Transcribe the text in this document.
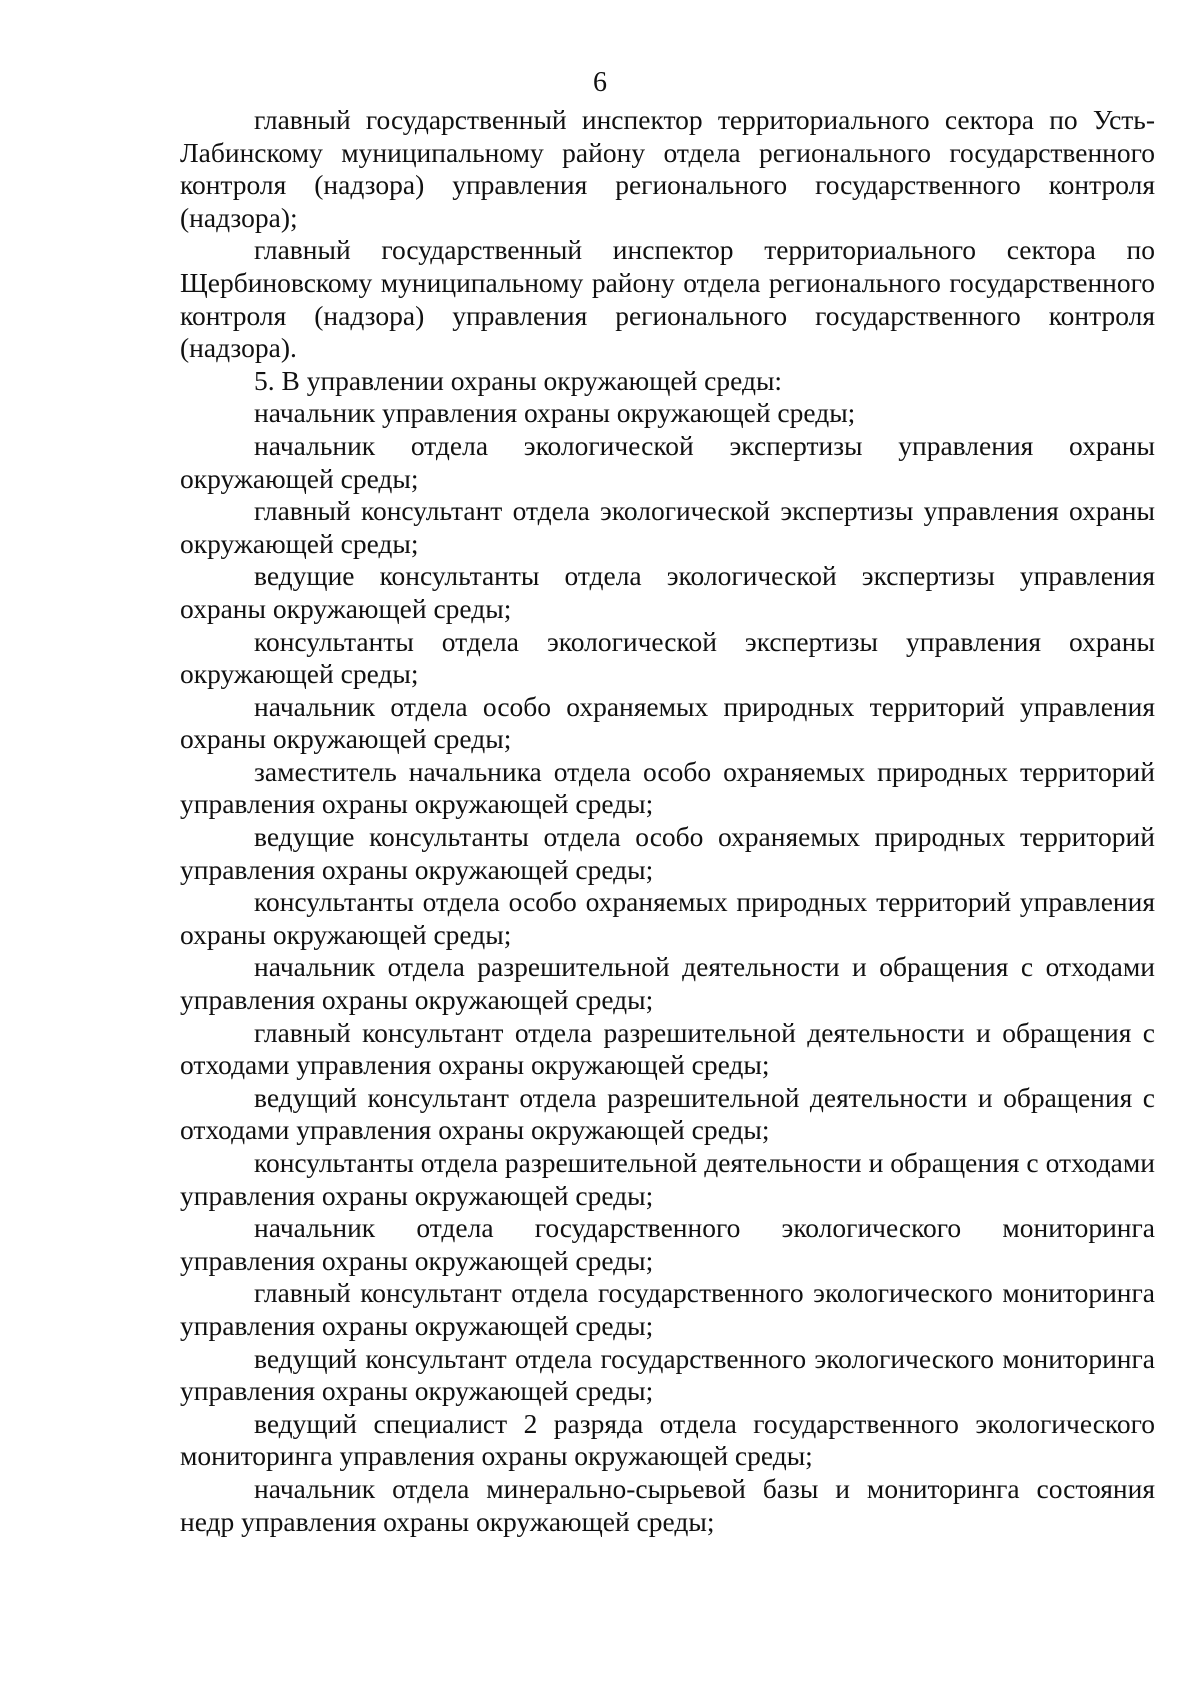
6

главный государственный инспектор территориального сектора по Усть-Лабинскому муниципальному району отдела регионального государственного контроля (надзора) управления регионального государственного контроля (надзора);

главный государственный инспектор территориального сектора по Щербиновскому муниципальному району отдела регионального государственного контроля (надзора) управления регионального государственного контроля (надзора).

5. В управлении охраны окружающей среды:

начальник управления охраны окружающей среды;

начальник отдела экологической экспертизы управления охраны окружающей среды;

главный консультант отдела экологической экспертизы управления охраны окружающей среды;

ведущие консультанты отдела экологической экспертизы управления охраны окружающей среды;

консультанты отдела экологической экспертизы управления охраны окружающей среды;

начальник отдела особо охраняемых природных территорий управления охраны окружающей среды;

заместитель начальника отдела особо охраняемых природных территорий управления охраны окружающей среды;

ведущие консультанты отдела особо охраняемых природных территорий управления охраны окружающей среды;

консультанты отдела особо охраняемых природных территорий управления охраны окружающей среды;

начальник отдела разрешительной деятельности и обращения с отходами управления охраны окружающей среды;

главный консультант отдела разрешительной деятельности и обращения с отходами управления охраны окружающей среды;

ведущий консультант отдела разрешительной деятельности и обращения с отходами управления охраны окружающей среды;

консультанты отдела разрешительной деятельности и обращения с отходами управления охраны окружающей среды;

начальник отдела государственного экологического мониторинга управления охраны окружающей среды;

главный консультант отдела государственного экологического мониторинга управления охраны окружающей среды;

ведущий консультант отдела государственного экологического мониторинга управления охраны окружающей среды;

ведущий специалист 2 разряда отдела государственного экологического мониторинга управления охраны окружающей среды;

начальник отдела минерально-сырьевой базы и мониторинга состояния недр управления охраны окружающей среды;
